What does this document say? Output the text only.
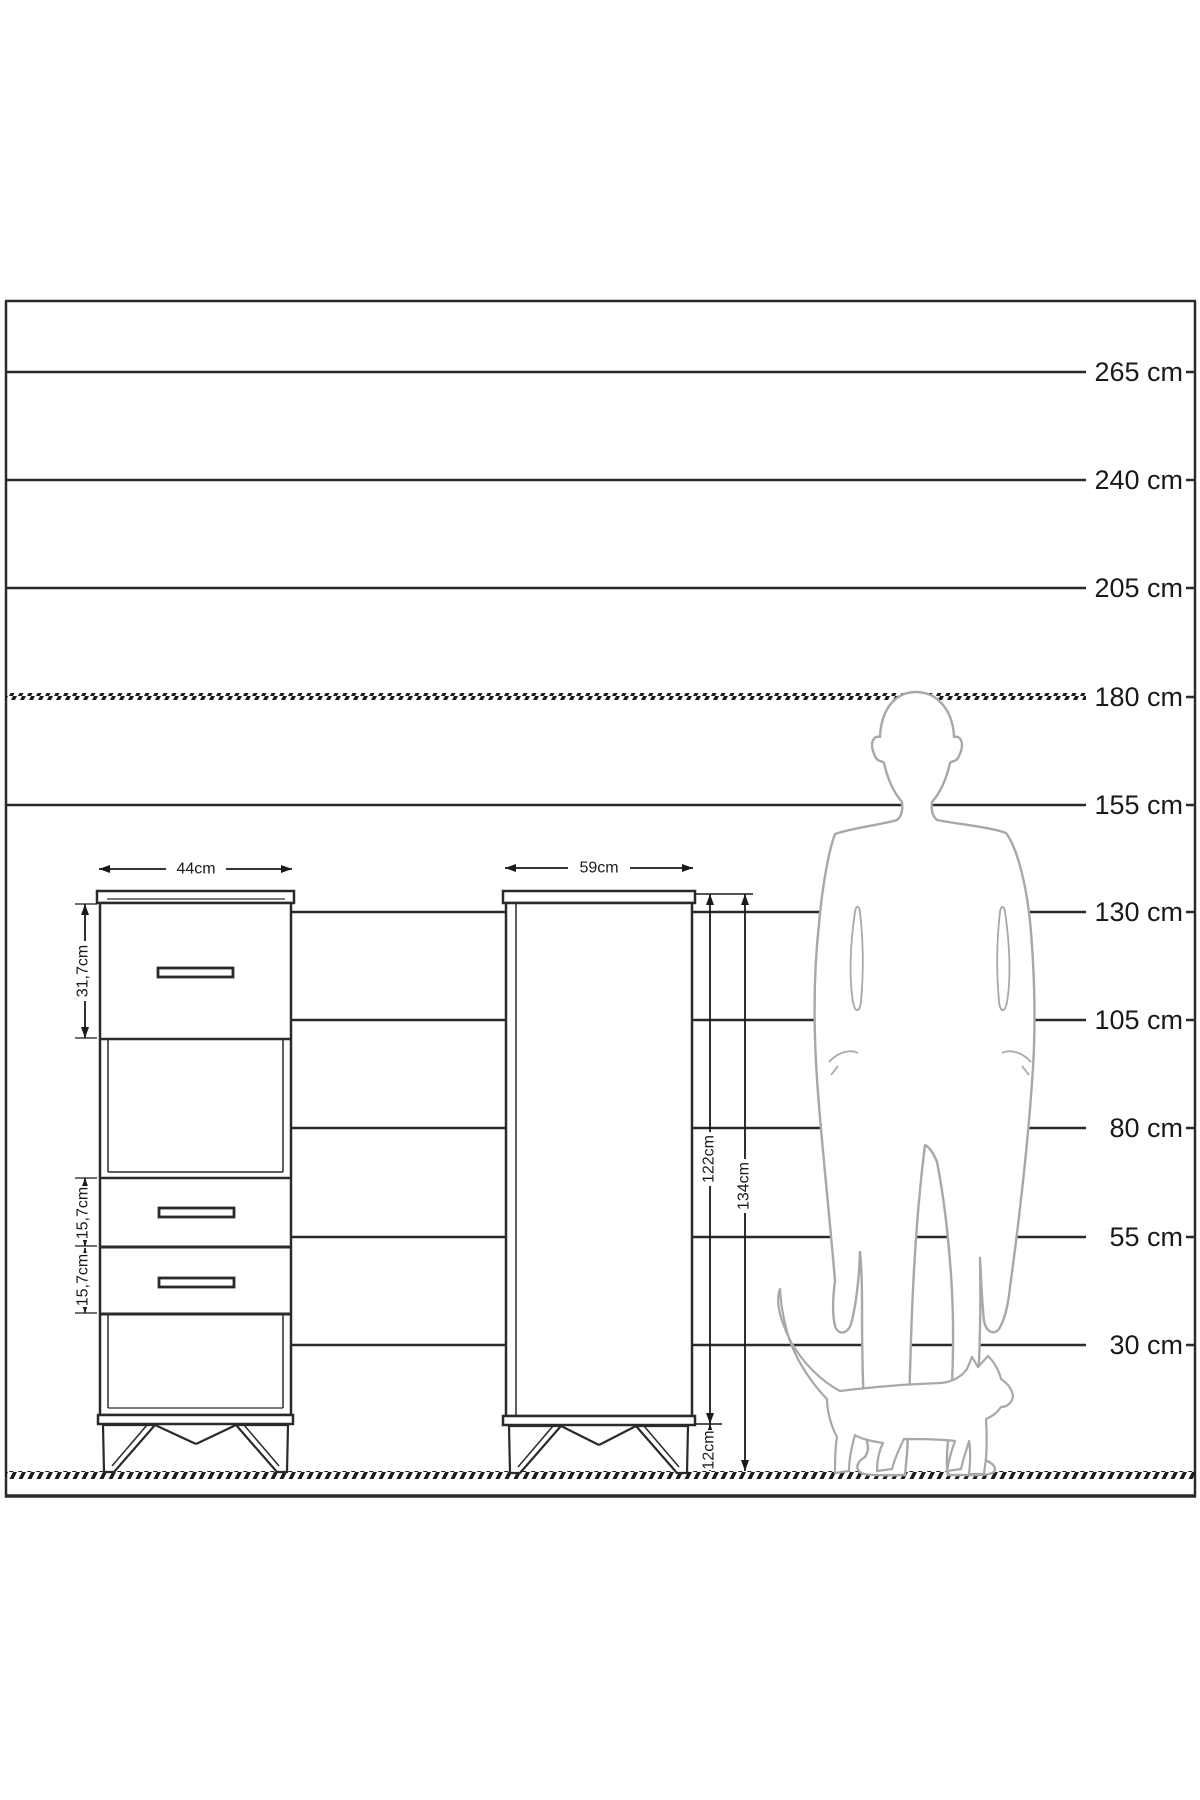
265 cm
240 cm
205 cm
180 cm
155 cm
130 cm
105 cm
80 cm
55 cm
30 cm
44cm
31,7cm
15,7cm
15,7cm
59cm
122cm
12cm
134cm
